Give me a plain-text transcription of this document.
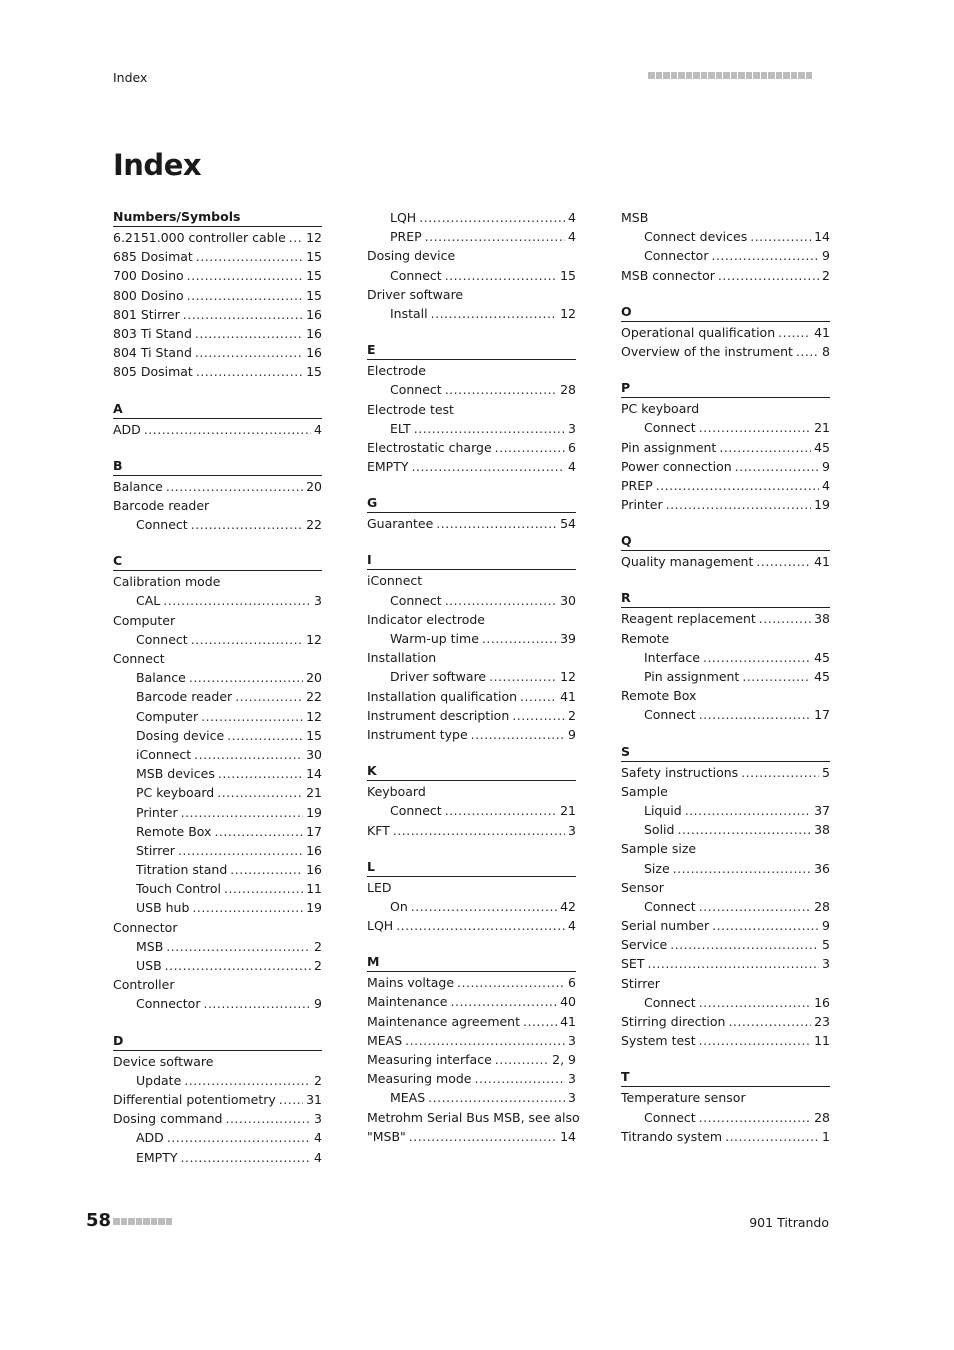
Index
Index
Numbers/Symbols
6.2151.000 controller cable ..... 12
685 Dosimat .....	15
700 Dosino .....	15
800 Dosino .....	15
801 Stirrer .....	16
803 Ti Stand .....	16
804 Ti Stand .....	16
805 Dosimat .....	15
A
ADD .....	4
B
Balance .....	20
Barcode reader
Connect .....	22
C
Calibration mode
CAL .....	3
Computer
Connect .....	12
Connect
Balance .....	20
Barcode reader .....	22
Computer .....	12
Dosing device .....	15
iConnect .....	30
MSB devices .....	14
PC keyboard .....	21
Printer .....	19
Remote Box .....	17
Stirrer .....	16
Titration stand .....	16
Touch Control .....	11
USB hub .....	19
Connector
MSB .....	2
USB .....	2
Controller
Connector .....	9
D
Device software
Update .....	2
Differential potentiometry ..... 31
Dosing command .....	3
ADD .....	4
EMPTY .....	4
LQH .....	4
PREP .....	4
Dosing device
Connect .....	15
Driver software
Install .....	12
E
Electrode
Connect .....	28
Electrode test
ELT .....	3
Electrostatic charge .....	6
EMPTY .....	4
G
Guarantee .....	54
I
iConnect
Connect .....	30
Indicator electrode
Warm-up time .....	39
Installation
Driver software .....	12
Installation qualification .....	41
Instrument description .....	2
Instrument type .....	9
K
Keyboard
Connect .....	21
KFT .....	3
L
LED
On .....	42
LQH .....	4
M
Mains voltage .....	6
Maintenance .....	40
Maintenance agreement .....	41
MEAS .....	3
Measuring interface .....	2, 9
Measuring mode .....	3
MEAS .....	3
Metrohm Serial Bus MSB, see also
"MSB" .....	14
MSB
Connect devices .....	14
Connector .....	9
MSB connector .....	2
O
Operational qualification .....	41
Overview of the instrument ..... 8
P
PC keyboard
Connect .....	21
Pin assignment .....	45
Power connection .....	9
PREP .....	4
Printer .....	19
Q
Quality management .....	41
R
Reagent replacement .....	38
Remote
Interface .....	45
Pin assignment .....	45
Remote Box
Connect .....	17
S
Safety instructions .....	5
Sample
Liquid .....	37
Solid .....	38
Sample size
Size .....	36
Sensor
Connect .....	28
Serial number .....	9
Service .....	5
SET .....	3
Stirrer
Connect .....	16
Stirring direction .....	23
System test .....	11
T
Temperature sensor
Connect .....	28
Titrando system .....	1
58	901 Titrando
